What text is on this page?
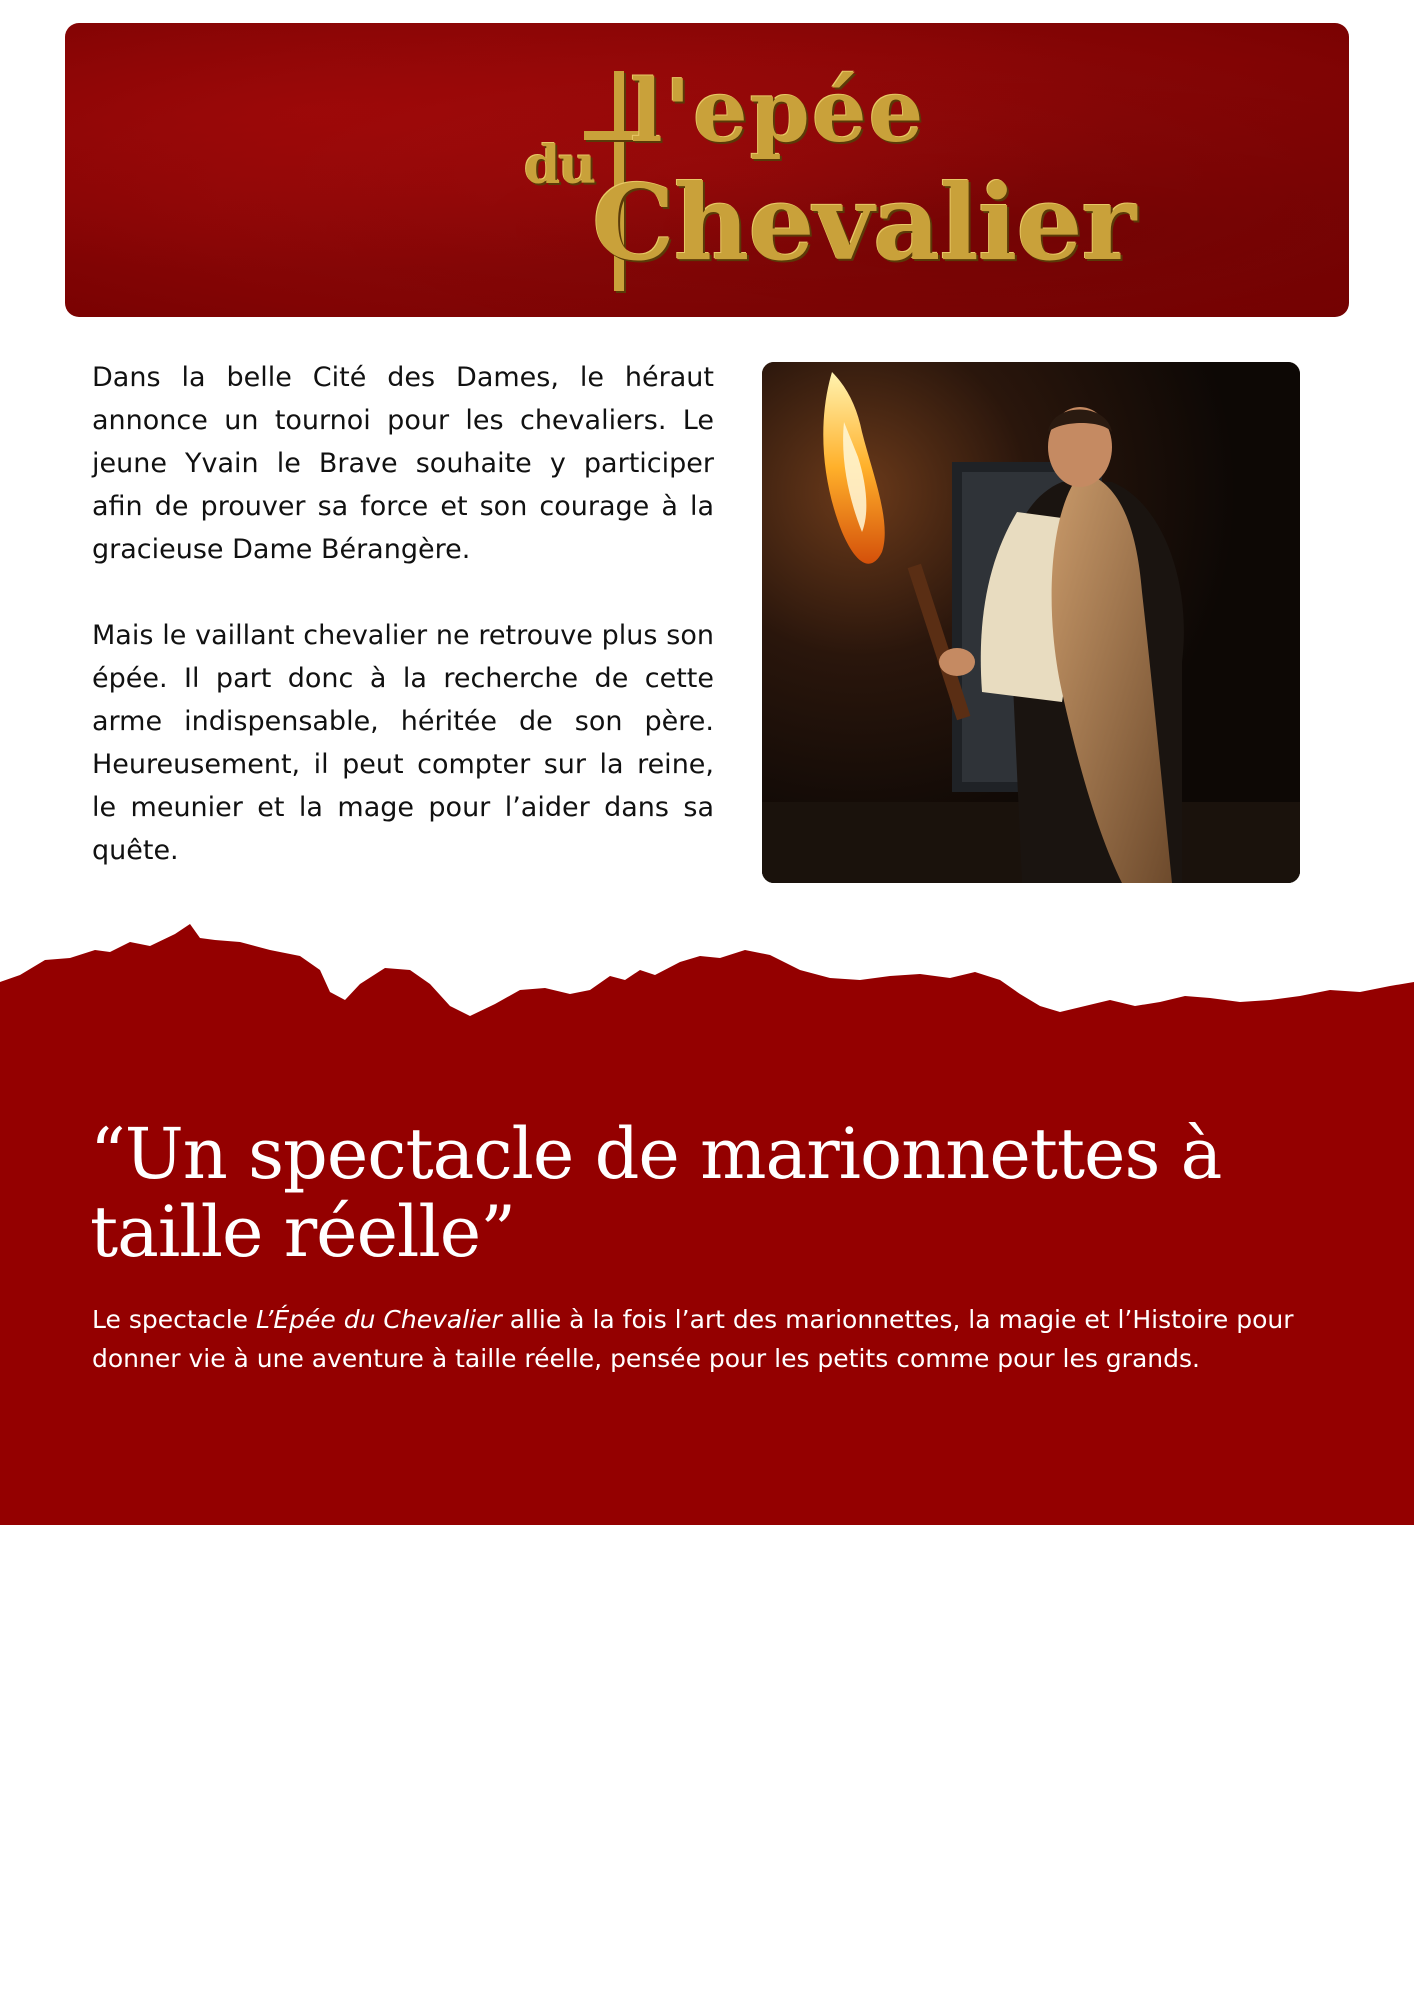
du
l'epée
Chevalier

Dans la belle Cité des Dames, le héraut annonce un tournoi pour les chevaliers. Le jeune Yvain le Brave souhaite y participer afin de prouver sa force et son courage à la gracieuse Dame Bérangère.

Mais le vaillant chevalier ne retrouve plus son épée. Il part donc à la recherche de cette arme indispensable, héritée de son père. Heureusement, il peut compter sur la reine, le meunier et la mage pour l’aider dans sa quête.

“Un spectacle de marionnettes à taille réelle”

Le spectacle L’Épée du Chevalier allie à la fois l’art des marionnettes, la magie et l’Histoire pour donner vie à une aventure à taille réelle, pensée pour les petits comme pour les grands.
